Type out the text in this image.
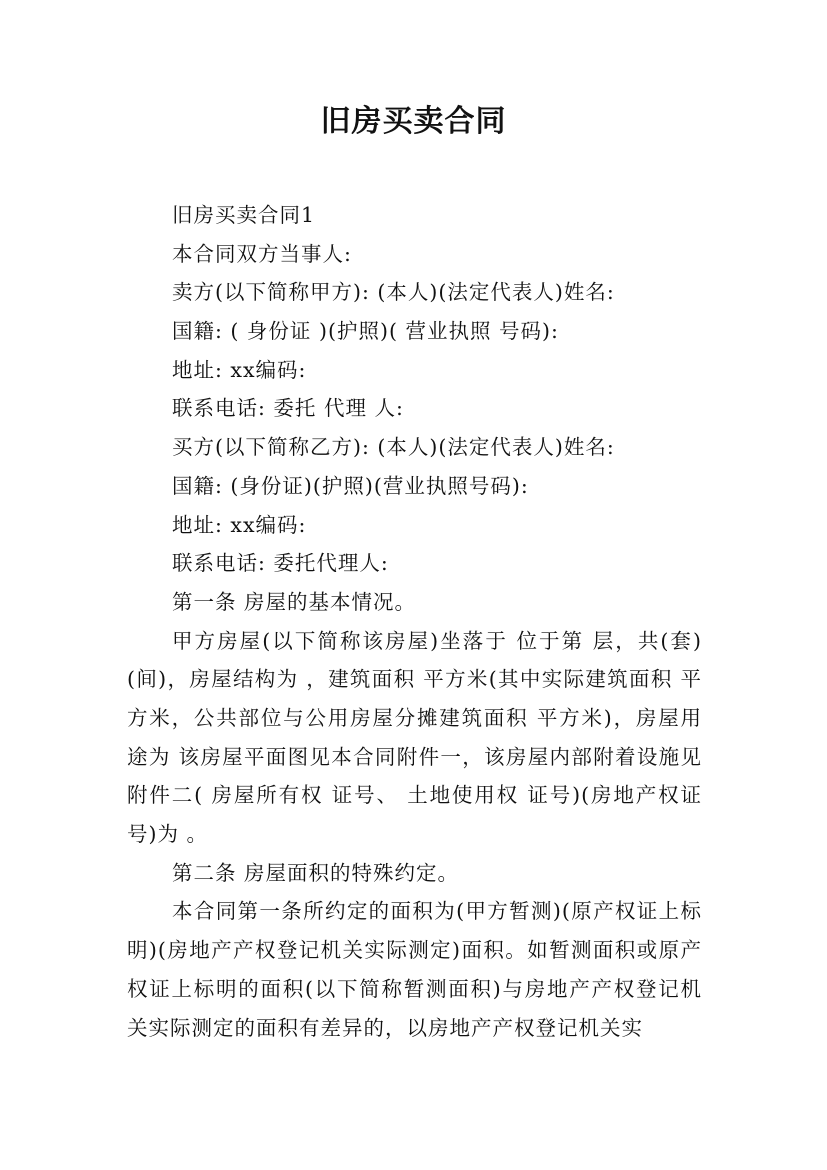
旧房买卖合同
旧房买卖合同1
本合同双方当事人:
卖方(以下简称甲方): (本人)(法定代表人)姓名:
国籍: ( 身份证 )(护照)( 营业执照 号码):
地址: xx编码:
联系电话: 委托 代理 人:
买方(以下简称乙方): (本人)(法定代表人)姓名:
国籍: (身份证)(护照)(营业执照号码):
地址: xx编码:
联系电话: 委托代理人:
第一条 房屋的基本情况。
甲方房屋(以下简称该房屋)坐落于 位于第 层，共(套)(间)，房屋结构为 ，建筑面积 平方米(其中实际建筑面积 平方米，公共部位与公用房屋分摊建筑面积 平方米)，房屋用途为 该房屋平面图见本合同附件一，该房屋内部附着设施见附件二( 房屋所有权 证号、 土地使用权 证号)(房地产权证号)为 。
第二条 房屋面积的特殊约定。
本合同第一条所约定的面积为(甲方暂测)(原产权证上标明)(房地产产权登记机关实际测定)面积。如暂测面积或原产权证上标明的面积(以下简称暂测面积)与房地产产权登记机关实际测定的面积有差异的，以房地产产权登记机关实
